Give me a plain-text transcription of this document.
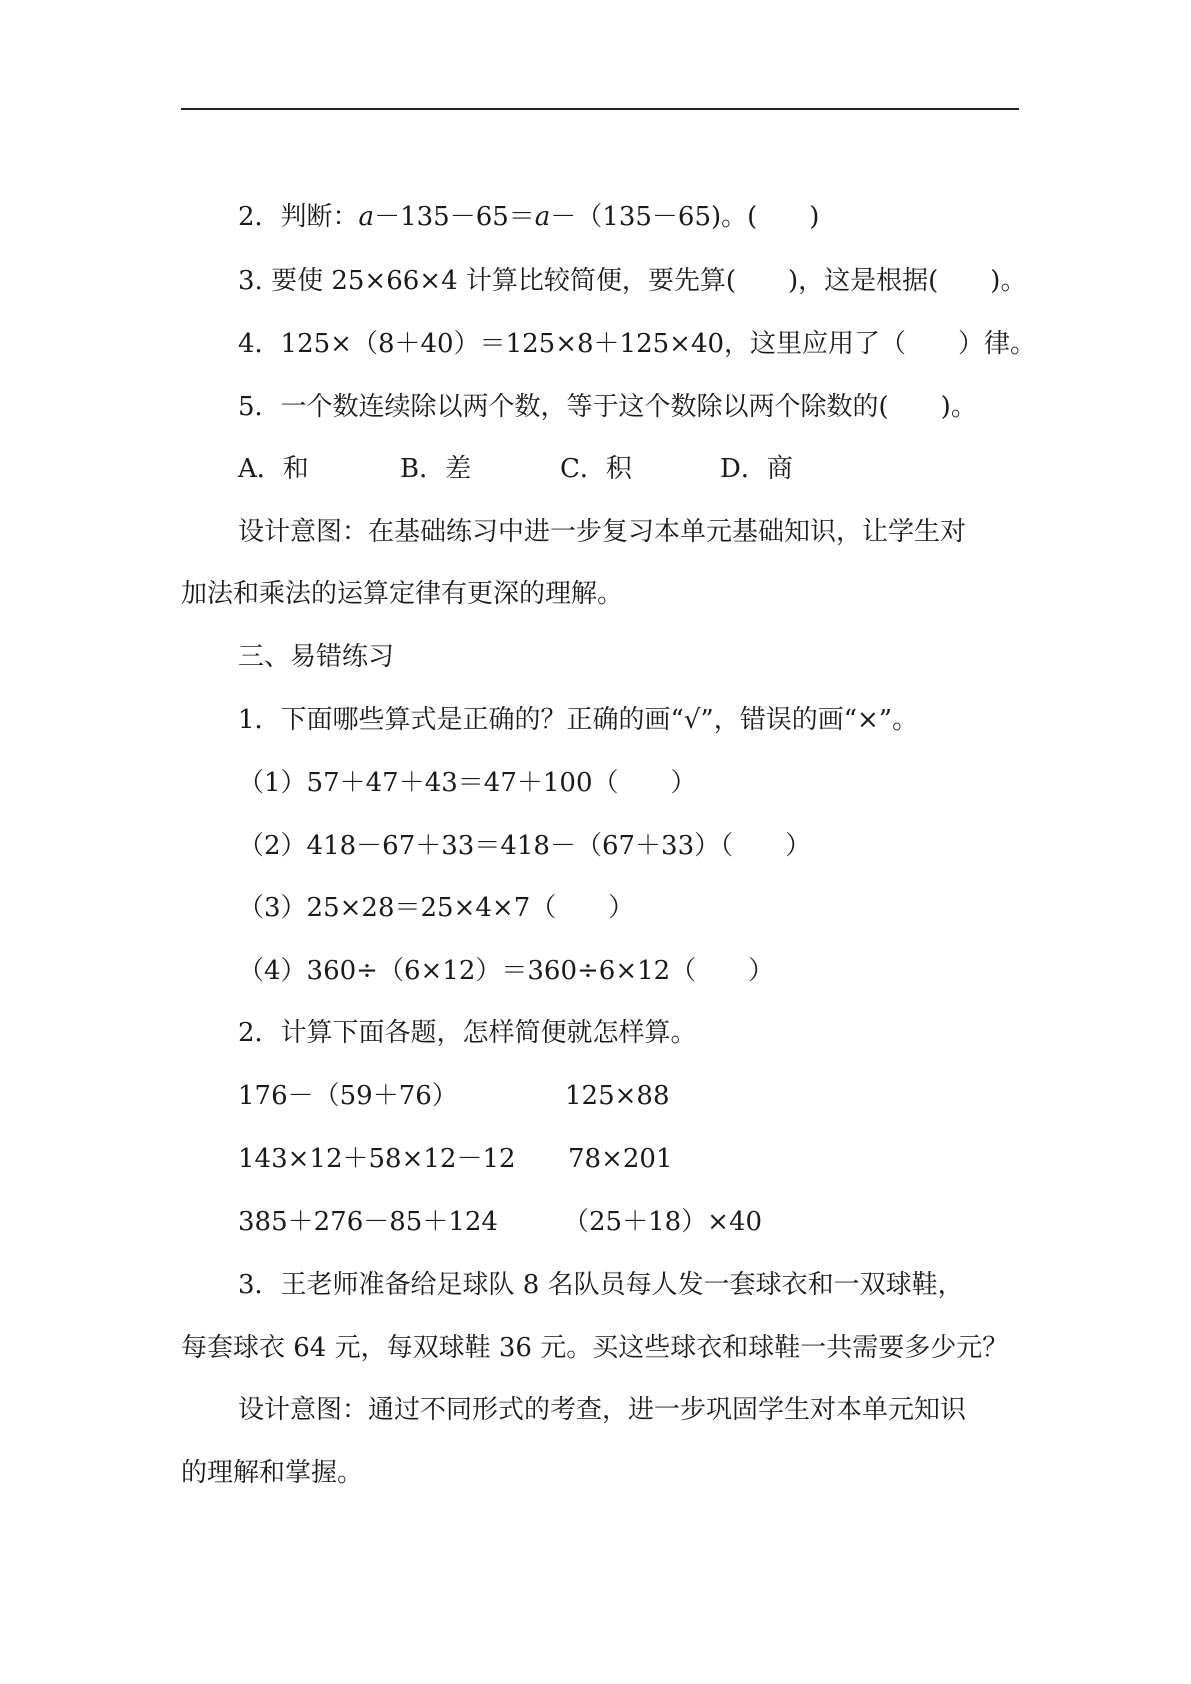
2．判断：a－135－65＝a－（135－65)。(　　)
3. 要使 25×66×4 计算比较简便，要先算(　　)，这是根据(　　)。
4．125×（8＋40）＝125×8＋125×40，这里应用了（　　）律。
5．一个数连续除以两个数，等于这个数除以两个除数的(　　)。
A．和	B．差	C．积	D．商
设计意图：在基础练习中进一步复习本单元基础知识，让学生对
加法和乘法的运算定律有更深的理解。
三、易错练习
1．下面哪些算式是正确的？正确的画“√”，错误的画“×”。
（1）57＋47＋43＝47＋100（　　）
（2）418－67＋33＝418－（67＋33）（　　）
（3）25×28＝25×4×7（　　）
（4）360÷（6×12）＝360÷6×12（　　）
2．计算下面各题，怎样简便就怎样算。
176－（59＋76）	125×88
143×12＋58×12－12 78×201
385＋276－85＋124	（25＋18）×40
3．王老师准备给足球队 8 名队员每人发一套球衣和一双球鞋，
每套球衣 64 元，每双球鞋 36 元。买这些球衣和球鞋一共需要多少元？
设计意图：通过不同形式的考查，进一步巩固学生对本单元知识
的理解和掌握。
